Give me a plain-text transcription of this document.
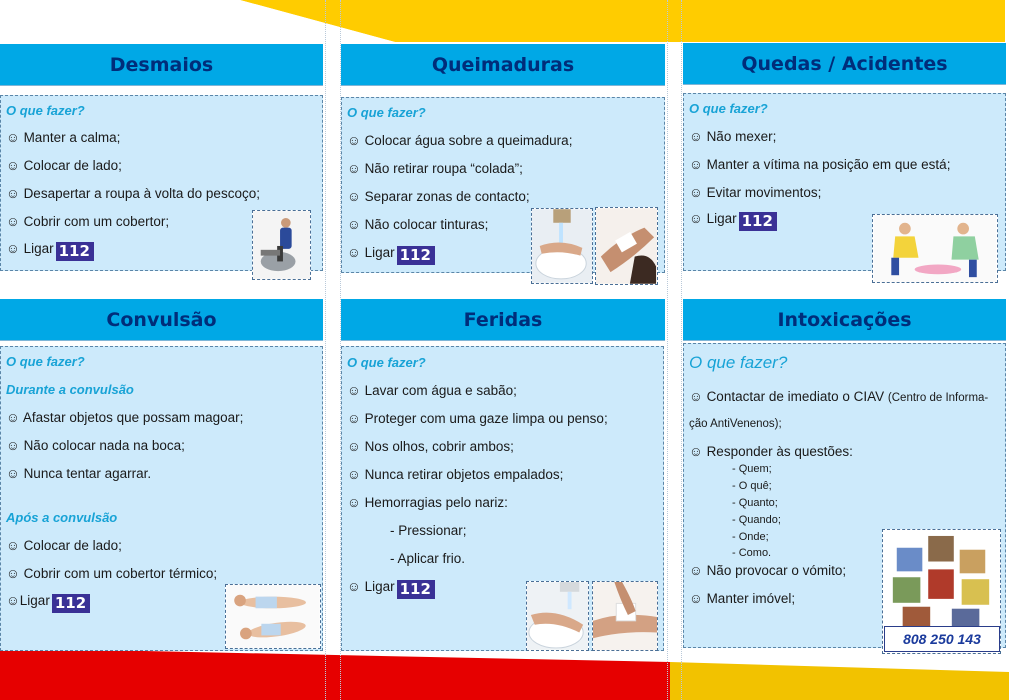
Desmaios
O que fazer?
☺ Manter a calma;
☺ Colocar de lado;
☺ Desapertar a roupa à volta do pescoço;
☺ Cobrir com um cobertor;
☺ Ligar 112
Queimaduras
O que fazer?
☺ Colocar água sobre a queimadura;
☺ Não retirar roupa “colada”;
☺ Separar zonas de contacto;
☺ Não colocar tinturas;
☺ Ligar 112
Quedas / Acidentes
O que fazer?
☺ Não mexer;
☺ Manter a vítima na posição em que está;
☺ Evitar movimentos;
☺ Ligar 112
Convulsão
O que fazer?
Durante a convulsão
☺ Afastar objetos que possam magoar;
☺ Não colocar nada na boca;
☺ Nunca tentar agarrar.
Após a convulsão
☺ Colocar de lado;
☺ Cobrir com um cobertor térmico;
☺Ligar 112
Feridas
O que fazer?
☺ Lavar com água e sabão;
☺ Proteger com uma gaze limpa ou penso;
☺ Nos olhos, cobrir ambos;
☺ Nunca retirar objetos empalados;
☺ Hemorragias pelo nariz:
- Pressionar;
- Aplicar frio.
☺ Ligar 112
Intoxicações
O que fazer?
☺ Contactar de imediato o CIAV (Centro de Informa-
ção AntiVenenos);
☺ Responder às questões:
- Quem;
- O quê;
- Quanto;
- Quando;
- Onde;
- Como.
☺ Não provocar o vómito;
☺ Manter imóvel;
808 250 143
